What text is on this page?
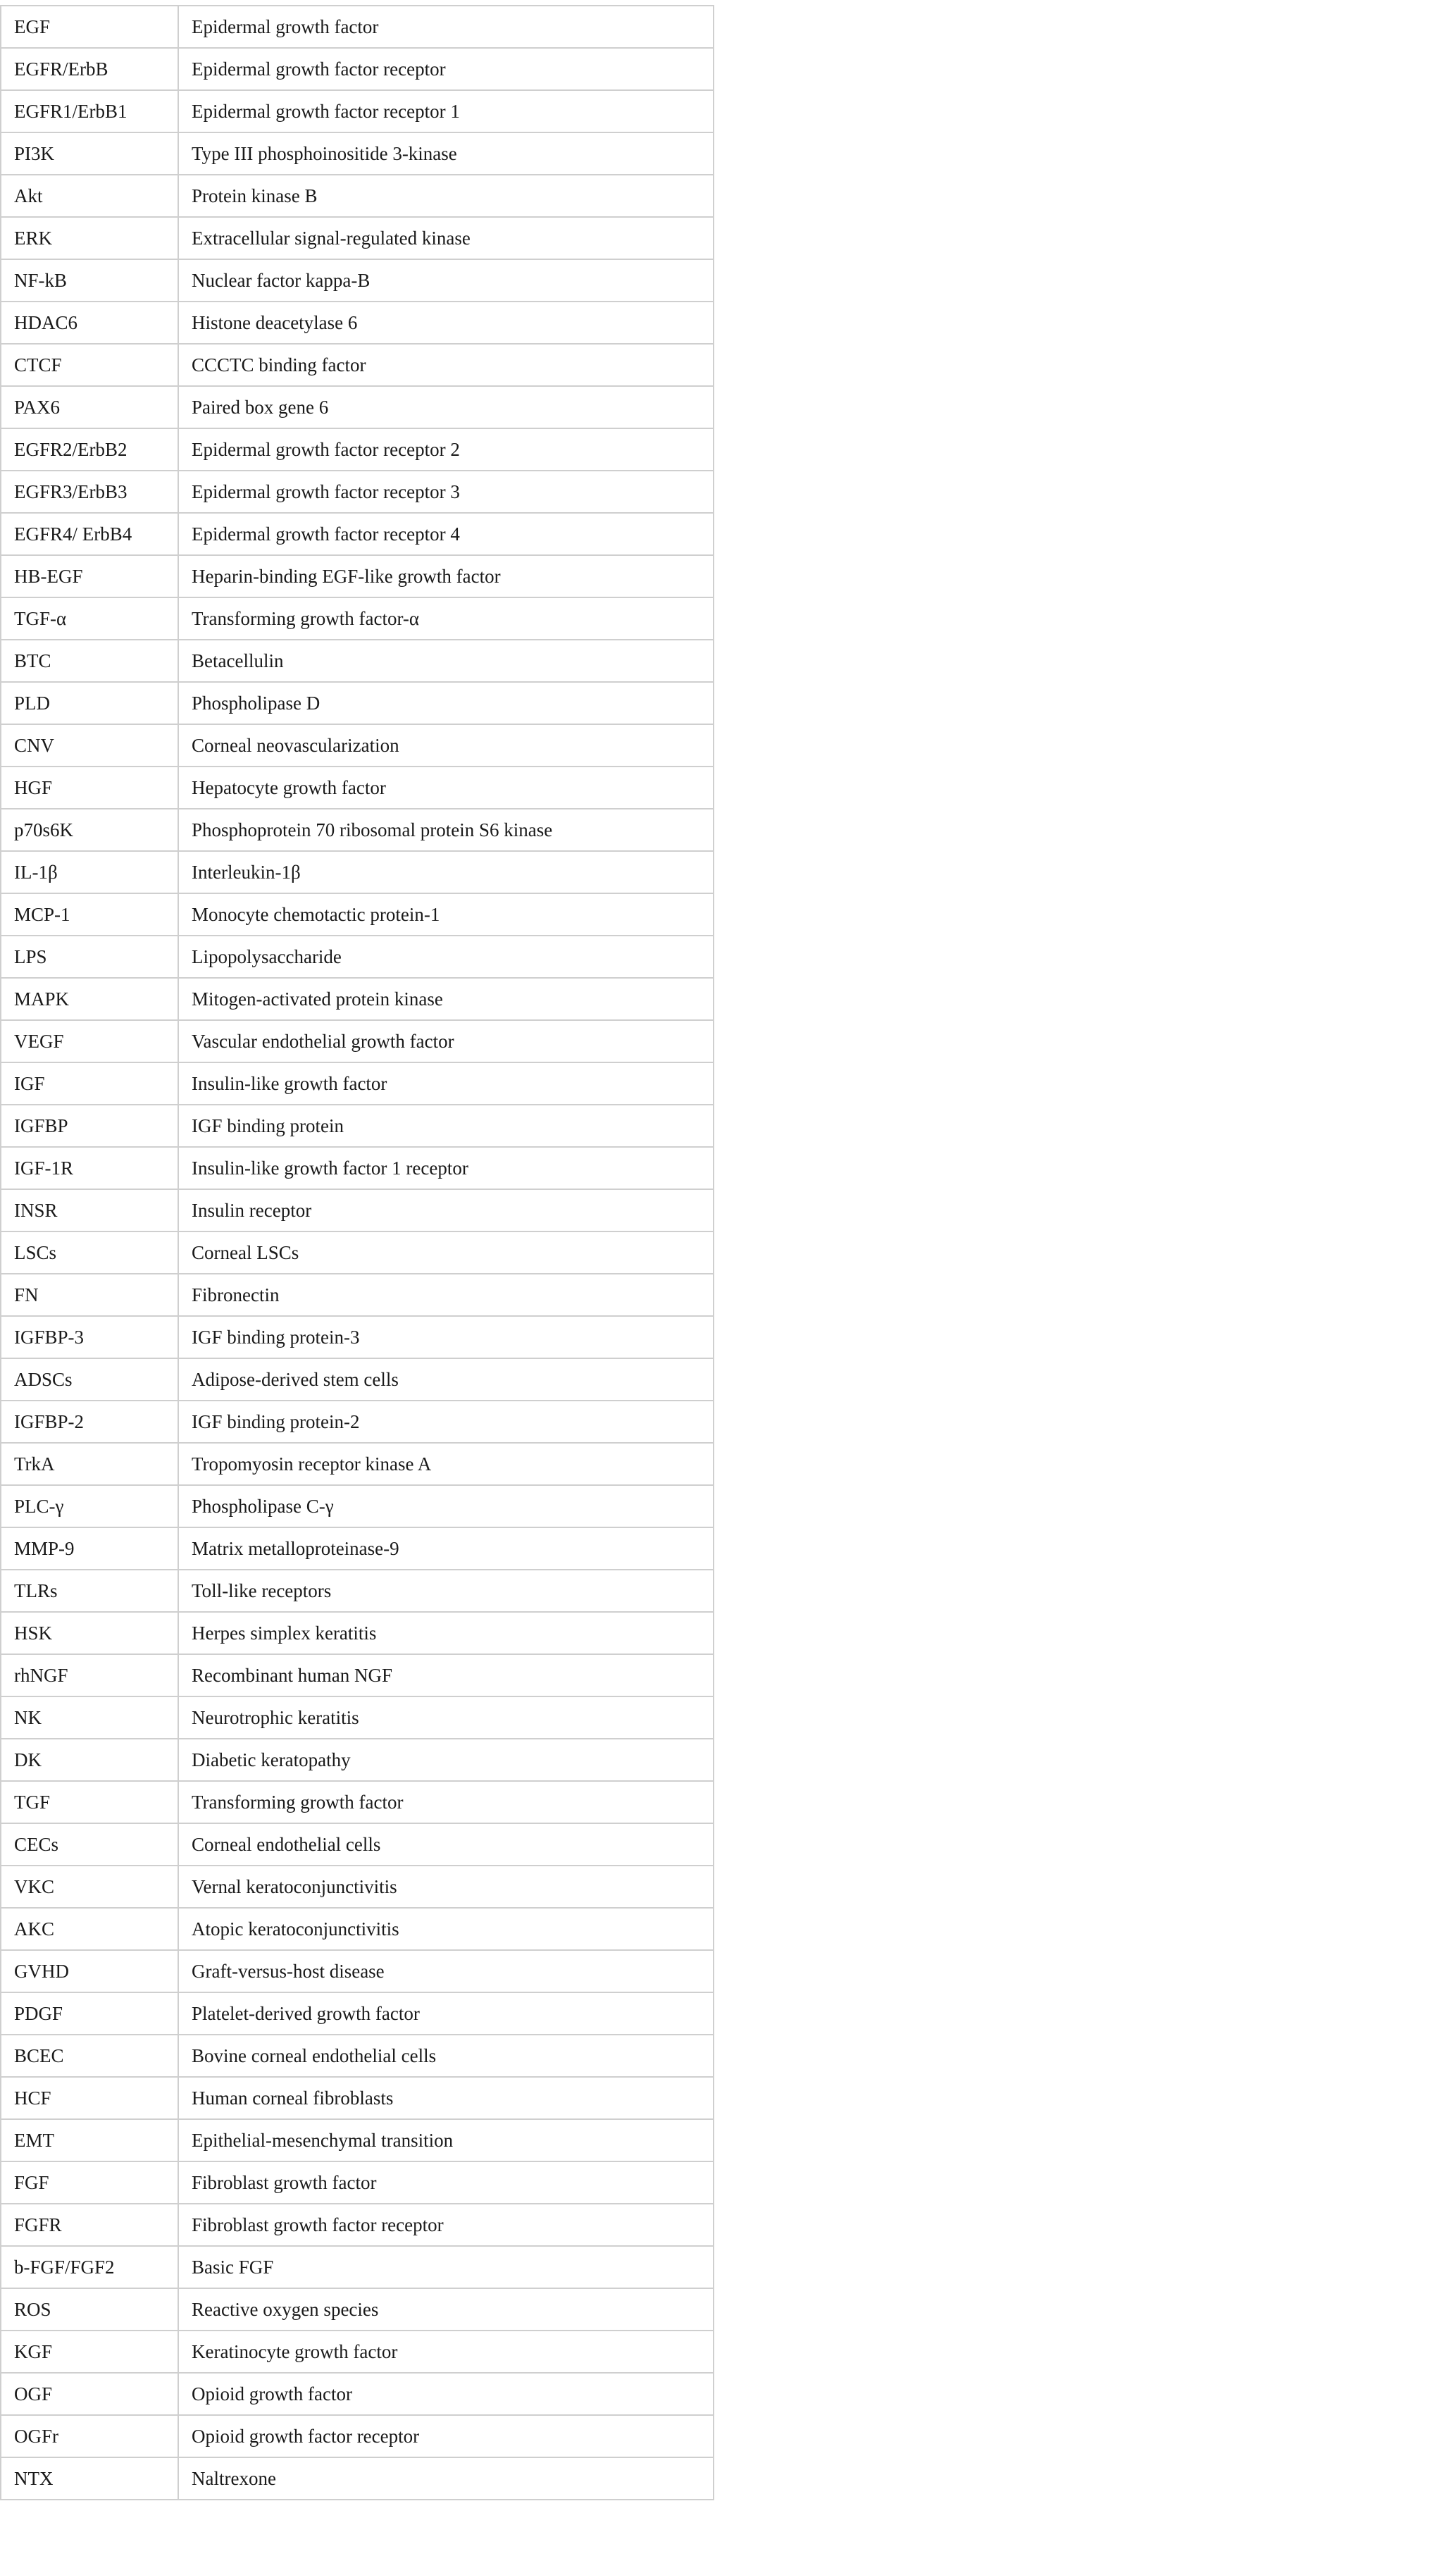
EGF	Epidermal growth factor
EGFR/ErbB	Epidermal growth factor receptor
EGFR1/ErbB1	Epidermal growth factor receptor 1
PI3K	Type III phosphoinositide 3-kinase
Akt	Protein kinase B
ERK	Extracellular signal-regulated kinase
NF-kB	Nuclear factor kappa-B
HDAC6	Histone deacetylase 6
CTCF	CCCTC binding factor
PAX6	Paired box gene 6
EGFR2/ErbB2	Epidermal growth factor receptor 2
EGFR3/ErbB3	Epidermal growth factor receptor 3
EGFR4/ ErbB4	Epidermal growth factor receptor 4
HB-EGF	Heparin-binding EGF-like growth factor
TGF-α	Transforming growth factor-α
BTC	Betacellulin
PLD	Phospholipase D
CNV	Corneal neovascularization
HGF	Hepatocyte growth factor
p70s6K	Phosphoprotein 70 ribosomal protein S6 kinase
IL-1β	Interleukin-1β
MCP-1	Monocyte chemotactic protein-1
LPS	Lipopolysaccharide
MAPK	Mitogen-activated protein kinase
VEGF	Vascular endothelial growth factor
IGF	Insulin-like growth factor
IGFBP	IGF binding protein
IGF-1R	Insulin-like growth factor 1 receptor
INSR	Insulin receptor
LSCs	Corneal LSCs
FN	Fibronectin
IGFBP-3	IGF binding protein-3
ADSCs	Adipose-derived stem cells
IGFBP-2	IGF binding protein-2
TrkA	Tropomyosin receptor kinase A
PLC-γ	Phospholipase C-γ
MMP-9	Matrix metalloproteinase-9
TLRs	Toll-like receptors
HSK	Herpes simplex keratitis
rhNGF	Recombinant human NGF
NK	Neurotrophic keratitis
DK	Diabetic keratopathy
TGF	Transforming growth factor
CECs	Corneal endothelial cells
VKC	Vernal keratoconjunctivitis
AKC	Atopic keratoconjunctivitis
GVHD	Graft-versus-host disease
PDGF	Platelet-derived growth factor
BCEC	Bovine corneal endothelial cells
HCF	Human corneal fibroblasts
EMT	Epithelial-mesenchymal transition
FGF	Fibroblast growth factor
FGFR	Fibroblast growth factor receptor
b-FGF/FGF2	Basic FGF
ROS	Reactive oxygen species
KGF	Keratinocyte growth factor
OGF	Opioid growth factor
OGFr	Opioid growth factor receptor
NTX	Naltrexone
